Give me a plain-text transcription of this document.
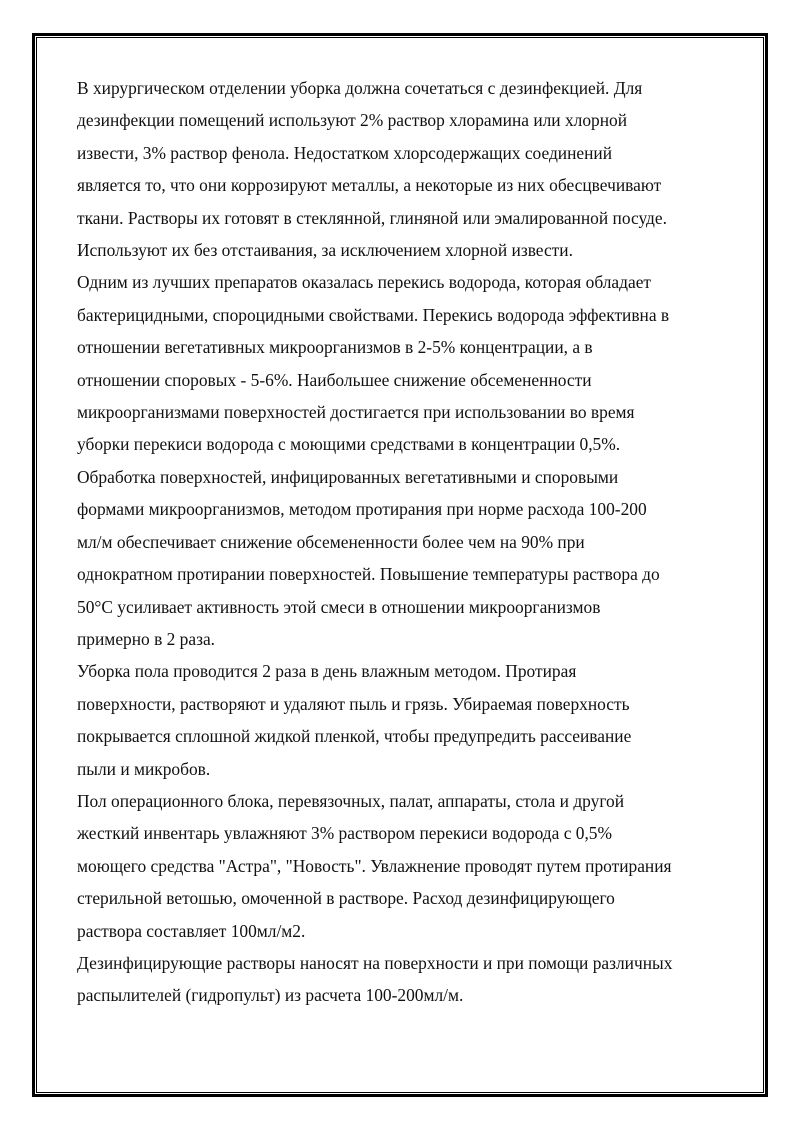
В хирургическом отделении уборка должна сочетаться с дезинфекцией. Для

дезинфекции помещений используют 2% раствор хлорамина или хлорной

извести, 3% раствор фенола. Недостатком хлорсодержащих соединений

является то, что они коррозируют металлы, а некоторые из них обесцвечивают

ткани. Растворы их готовят в стеклянной, глиняной или эмалированной посуде.

Используют их без отстаивания, за исключением хлорной извести.

Одним из лучших препаратов оказалась перекись водорода, которая обладает

бактерицидными, спороцидными свойствами. Перекись водорода эффективна в

отношении вегетативных микроорганизмов в 2-5% концентрации, а в

отношении споровых - 5-6%. Наибольшее снижение обсемененности

микроорганизмами поверхностей достигается при использовании во время

уборки перекиси водорода с моющими средствами в концентрации 0,5%.

Обработка поверхностей, инфицированных вегетативными и споровыми

формами микроорганизмов, методом протирания при норме расхода 100-200

мл/м обеспечивает снижение обсемененности более чем на 90% при

однократном протирании поверхностей. Повышение температуры раствора до

50°С усиливает активность этой смеси в отношении микроорганизмов

примерно в 2 раза.

Уборка пола проводится 2 раза в день влажным методом. Протирая

поверхности, растворяют и удаляют пыль и грязь. Убираемая поверхность

покрывается сплошной жидкой пленкой, чтобы предупредить рассеивание

пыли и микробов.

Пол операционного блока, перевязочных, палат, аппараты, стола и другой

жесткий инвентарь увлажняют 3% раствором перекиси водорода с 0,5%

моющего средства "Астра", "Новость". Увлажнение проводят путем протирания

стерильной ветошью, омоченной в растворе. Расход дезинфицирующего

раствора составляет 100мл/м2.

Дезинфицирующие растворы наносят на поверхности и при помощи различных

распылителей (гидропульт) из расчета 100-200мл/м.
